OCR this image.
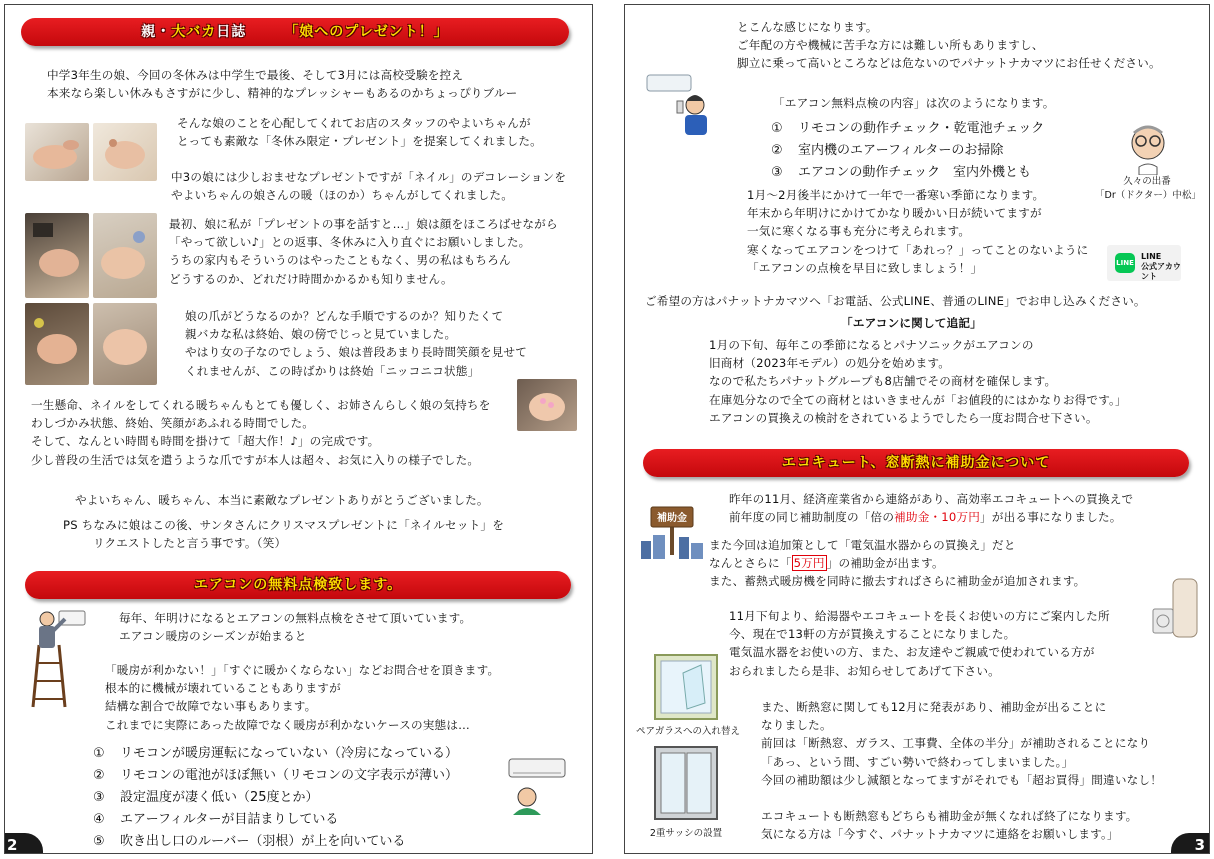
親・大バカ日誌	「娘へのプレゼント！」
中学3年生の娘、今回の冬休みは中学生で最後、そして3月には高校受験を控え
本来なら楽しい休みもさすがに少し、精神的なプレッシャーもあるのかちょっぴりブルー
そんな娘のことを心配してくれてお店のスタッフのやよいちゃんが
とっても素敵な「冬休み限定・プレゼント」を提案してくれました。
中3の娘には少しおませなプレゼントですが「ネイル」のデコレーションを
やよいちゃんの娘さんの暖（ほのか）ちゃんがしてくれました。
最初、娘に私が「プレゼントの事を話すと…」娘は顔をほころばせながら
「やって欲しい♪」との返事、冬休みに入り直ぐにお願いしました。
うちの家内もそういうのはやったこともなく、男の私はもちろん
どうするのか、どれだけ時間かかるかも知りません。
娘の爪がどうなるのか？どんな手順でするのか？知りたくて
親バカな私は終始、娘の傍でじっと見ていました。
やはり女の子なのでしょう、娘は普段あまり長時間笑顔を見せて
くれませんが、この時ばかりは終始「ニッコニコ状態」
一生懸命、ネイルをしてくれる暖ちゃんもとても優しく、お姉さんらしく娘の気持ちを
わしづかみ状態、終始、笑顔があふれる時間でした。
そして、なんとい時間も時間を掛けて「超大作！♪」の完成です。
少し普段の生活では気を遣うような爪ですが本人は超々、お気に入りの様子でした。
やよいちゃん、暖ちゃん、本当に素敵なプレゼントありがとうございました。
PS ちなみに娘はこの後、サンタさんにクリスマスプレゼントに「ネイルセット」を
リクエストしたと言う事です。（笑）
エアコンの無料点検致します。
毎年、年明けになるとエアコンの無料点検をさせて頂いています。
エアコン暖房のシーズンが始まると
「暖房が利かない！」「すぐに暖かくならない」などお問合せを頂きます。
根本的に機械が壊れていることもありますが
結構な割合で故障でない事もあります。
これまでに実際にあった故障でなく暖房が利かないケースの実態は…
① リモコンが暖房運転になっていない（冷房になっている）
② リモコンの電池がほぼ無い（リモコンの文字表示が薄い）
③ 設定温度が凄く低い（25度とか）
④ エアーフィルターが目詰まりしている
⑤ 吹き出し口のルーバー（羽根）が上を向いている
2
とこんな感じになります。
ご年配の方や機械に苦手な方には難しい所もありますし、
脚立に乗って高いところなどは危ないのでパナットナカマツにお任せください。
「エアコン無料点検の内容」は次のようになります。
① リモコンの動作チェック・乾電池チェック
② 室内機のエアーフィルターのお掃除
③ エアコンの動作チェック　室内外機とも
久々の出番
「Dr（ドクター）中松」
1月～2月後半にかけて一年で一番寒い季節になります。
年末から年明けにかけてかなり暖かい日が続いてますが
一気に寒くなる事も充分に考えられます。
寒くなってエアコンをつけて「あれっ？」ってことのないように
「エアコンの点検を早目に致しましょう！」	LINE
LINE
公式アカウント
ご希望の方はパナットナカマツへ「お電話、公式LINE、普通のLINE」でお申し込みください。
「エアコンに関して追記」
1月の下旬、毎年この季節になるとパナソニックがエアコンの
旧商材（2023年モデル）の処分を始めます。
なので私たちパナットグループも8店舗でその商材を確保します。
在庫処分なので全ての商材とはいきませんが「お値段的にはかなりお得です。」
エアコンの買換えの検討をされているようでしたら一度お問合せ下さい。
エコキュート、窓断熱に補助金について
補助金
昨年の11月、経済産業省から連絡があり、高効率エコキュートへの買換えで
前年度の同じ補助制度の「倍の補助金・10万円」が出る事になりました。
また今回は追加策として「電気温水器からの買換え」だと
なんとさらに「 5万円 」の補助金が出ます。
また、蓄熱式暖房機を同時に撤去すればさらに補助金が追加されます。
11月下旬より、給湯器やエコキュートを長くお使いの方にご案内した所
今、現在で13軒の方が買換えすることになりました。
電気温水器をお使いの方、また、お友達やご親戚で使われている方が
おられましたら是非、お知らせしてあげて下さい。
ペアガラスへの入れ替え
2重サッシの設置
また、断熱窓に関しても12月に発表があり、補助金が出ることに
なりました。
前回は「断熱窓、ガラス、工事費、全体の半分」が補助されることになり
「あっ、という間、すごい勢いで終わってしまいました。」
今回の補助額は少し減額となってますがそれでも「超お買得」間違いなし！
エコキュートも断熱窓もどちらも補助金が無くなれば終了になります。
気になる方は「今すぐ、パナットナカマツに連絡をお願いします。」
3
